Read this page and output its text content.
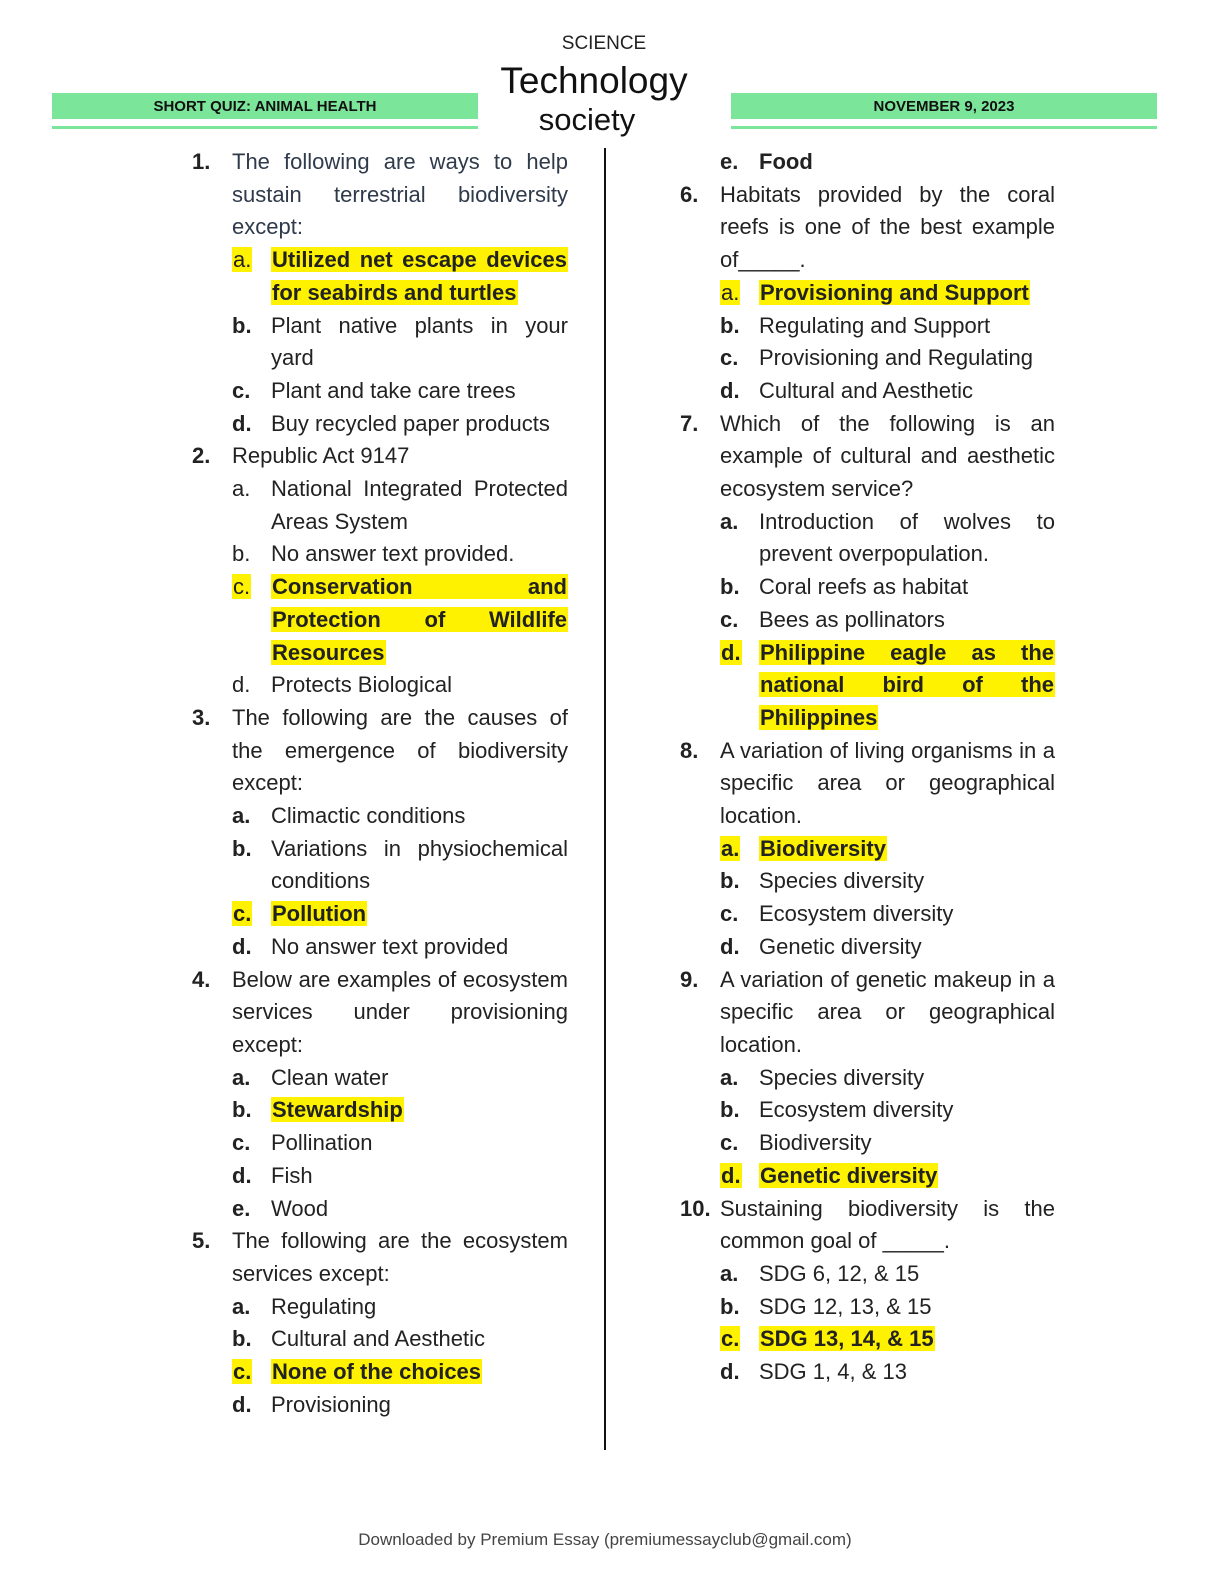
SHORT QUIZ: ANIMAL HEALTH
SCIENCE
Technology
society	NOVEMBER 9, 2023
1. The following are ways to help sustain terrestrial biodiversity except:
a. Utilized net escape devices for seabirds and turtles
b. Plant native plants in your yard
c. Plant and take care trees
d. Buy recycled paper products
2. Republic Act 9147
a. National Integrated Protected Areas System
b. No answer text provided.
c. Conservation and Protection of Wildlife Resources
d. Protects Biological
3. The following are the causes of the emergence of biodiversity except:
a. Climactic conditions
b. Variations in physiochemical conditions
c. Pollution
d. No answer text provided
4. Below are examples of ecosystem services under provisioning except:
a. Clean water
b. Stewardship
c. Pollination
d. Fish
e. Wood
5. The following are the ecosystem services except:
a. Regulating
b. Cultural and Aesthetic
c. None of the choices
d. Provisioning
e. Food
6. Habitats provided by the coral reefs is one of the best example of_____.
a. Provisioning and Support
b. Regulating and Support
c. Provisioning and Regulating
d. Cultural and Aesthetic
7. Which of the following is an example of cultural and aesthetic ecosystem service?
a. Introduction of wolves to prevent overpopulation.
b. Coral reefs as habitat
c. Bees as pollinators
d. Philippine eagle as the national bird of the Philippines
8. A variation of living organisms in a specific area or geographical location.
a. Biodiversity
b. Species diversity
c. Ecosystem diversity
d. Genetic diversity
9. A variation of genetic makeup in a specific area or geographical location.
a. Species diversity
b. Ecosystem diversity
c. Biodiversity
d. Genetic diversity
10. Sustaining biodiversity is the common goal of _____.
a. SDG 6, 12, & 15
b. SDG 12, 13, & 15
c. SDG 13, 14, & 15
d. SDG 1, 4, & 13
Downloaded by Premium Essay (premiumessayclub@gmail.com)
